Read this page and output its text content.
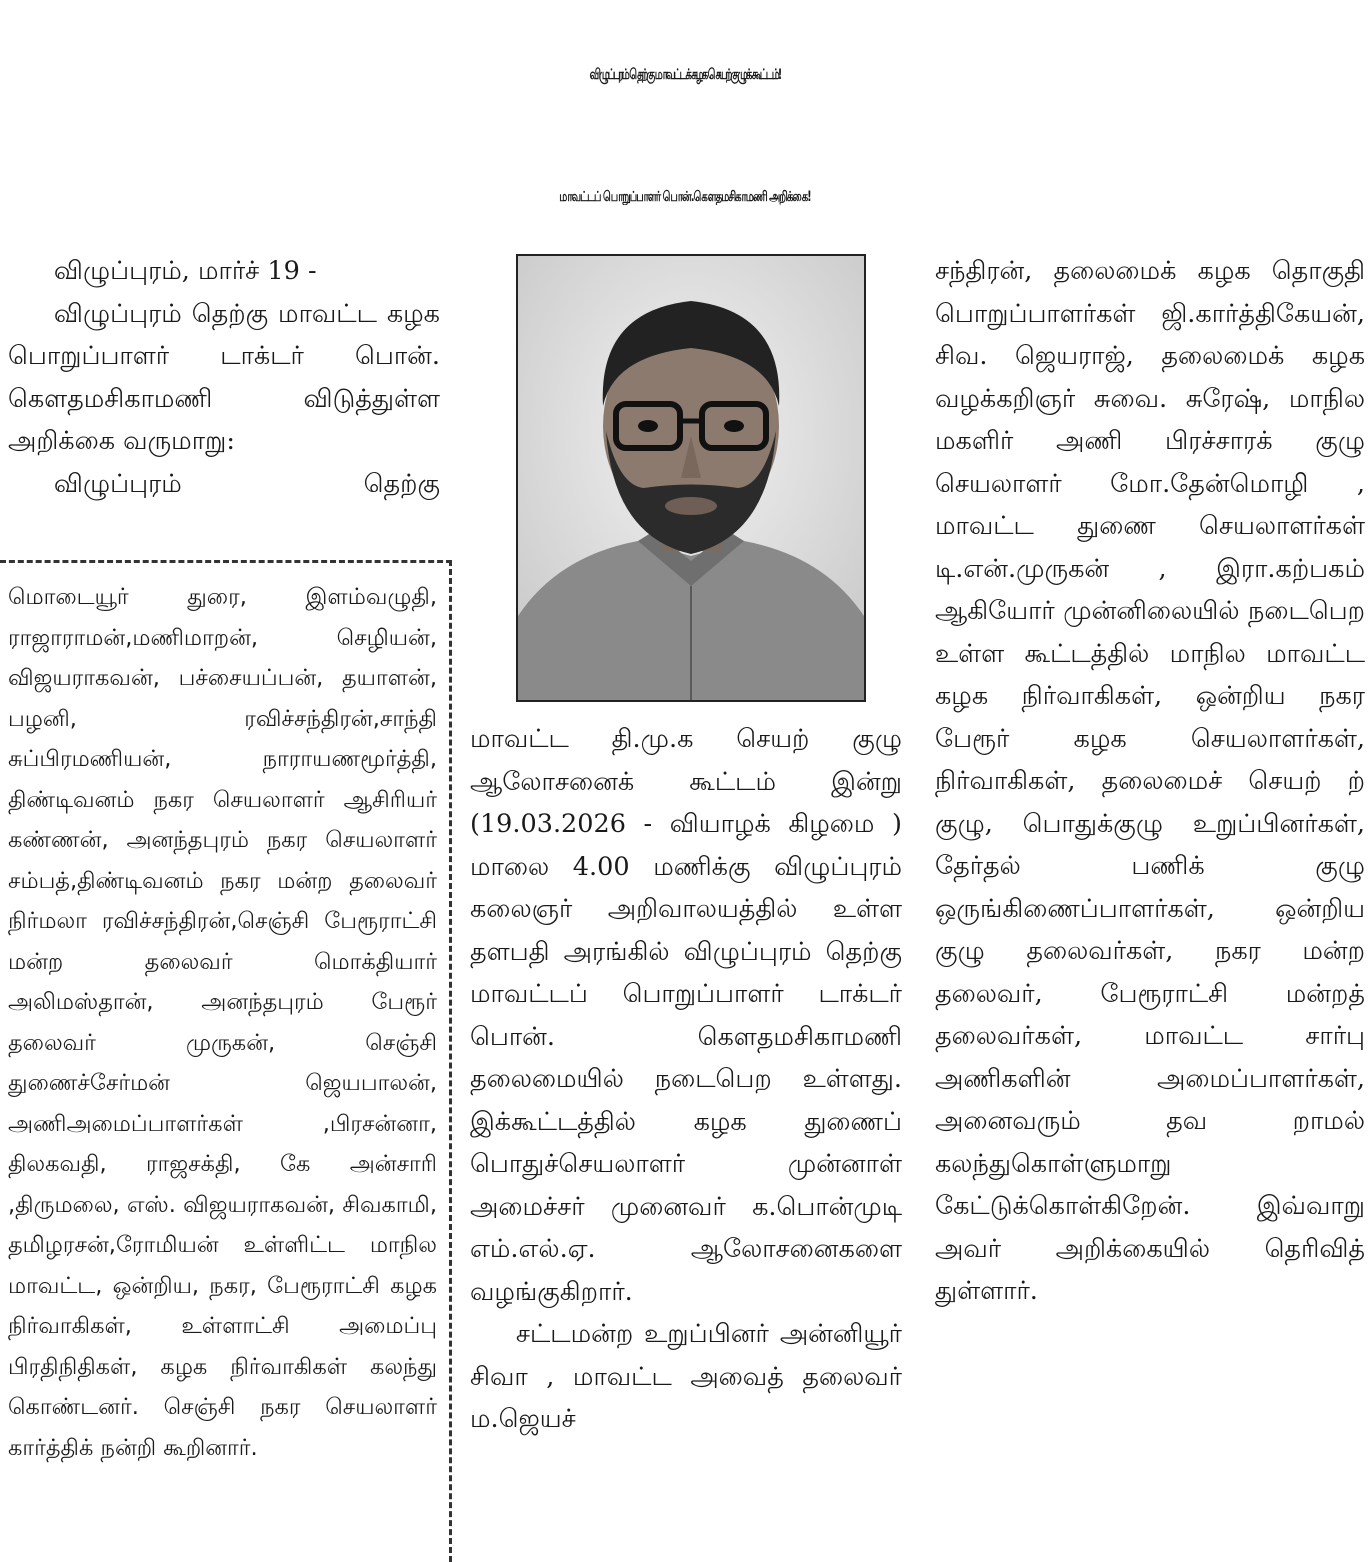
விழுப்புரம் தெற்கு மாவட்டக் கழக செயற்குழுக் கூட்டம்!
மாவட்டப் பொறுப்பாளர் பொன்.கௌதமசிகாமணி அறிக்கை!

விழுப்புரம், மார்ச் 19 -

விழுப்புரம் தெற்கு மாவட்ட கழக பொறுப்பாளர் டாக்டர் பொன். கௌதமசிகாமணி விடுத்துள்ள அறிக்கை வருமாறு:

விழுப்புரம் தெற்கு

மொடையூர் துரை, இளம்வழுதி, ராஜாராமன்,மணிமாறன், செழியன், விஜயராகவன், பச்சையப்பன், தயாளன், பழனி, ரவிச்சந்திரன்,சாந்தி சுப்பிரமணியன், நாராயணமூர்த்தி, திண்டிவனம் நகர செயலாளர் ஆசிரியர் கண்ணன், அனந்தபுரம் நகர செயலாளர் சம்பத்,திண்டிவனம் நகர மன்ற தலைவர் நிர்மலா ரவிச்சந்திரன்,செஞ்சி பேரூராட்சி மன்ற தலைவர் மொக்தியார் அலிமஸ்தான், அனந்தபுரம் பேரூர் தலைவர் முருகன், செஞ்சி துணைச்சேர்மன் ஜெயபாலன், அணிஅமைப்பாளர்கள் ,பிரசன்னா, திலகவதி, ராஜசக்தி, கே அன்சாரி ,திருமலை, எஸ். விஜயராகவன், சிவகாமி, தமிழரசன்,ரோமியன் உள்ளிட்ட மாநில மாவட்ட, ஒன்றிய, நகர, பேரூராட்சி கழக நிர்வாகிகள், உள்ளாட்சி அமைப்பு பிரதிநிதிகள், கழக நிர்வாகிகள் கலந்து கொண்டனர். செஞ்சி நகர செயலாளர் கார்த்திக் நன்றி கூறினார்.

மாவட்ட தி.மு.க செயற் குழு ஆலோசனைக் கூட்டம் இன்று (19.03.2026 - வியாழக் கிழமை ) மாலை 4.00 மணிக்கு விழுப்புரம் கலைஞர் அறிவாலயத்தில் உள்ள தளபதி அரங்கில் விழுப்புரம் தெற்கு மாவட்டப் பொறுப்பாளர் டாக்டர் பொன். கௌதமசிகாமணி தலைமையில் நடைபெற உள்ளது. இக்கூட்டத்தில் கழக துணைப் பொதுச்செயலாளர் முன்னாள் அமைச்சர் முனைவர் க.பொன்முடி எம்.எல்.ஏ. ஆலோசனைகளை வழங்குகிறார்.

சட்டமன்ற உறுப்பினர் அன்னியூர் சிவா , மாவட்ட அவைத் தலைவர் ம.ஜெயச்

சந்திரன், தலைமைக் கழக தொகுதி பொறுப்பாளர்கள் ஜி.கார்த்திகேயன், சிவ. ஜெயராஜ், தலைமைக் கழக வழக்கறிஞர் சுவை. சுரேஷ், மாநில மகளிர் அணி பிரச்சாரக் குழு செயலாளர் மோ.தேன்மொழி , மாவட்ட துணை செயலாளர்கள் டி.என்.முருகன் , இரா.கற்பகம் ஆகியோர் முன்னிலையில் நடைபெற உள்ள கூட்டத்தில் மாநில மாவட்ட கழக நிர்வாகிகள், ஒன்றிய நகர பேரூர் கழக செயலாளர்கள், நிர்வாகிகள், தலைமைச் செயற் ற் குழு, பொதுக்குழு உறுப்பினர்கள், தேர்தல் பணிக் குழு ஒருங்கிணைப்பாளர்கள், ஒன்றிய குழு தலைவர்கள், நகர மன்ற தலைவர், பேரூராட்சி மன்றத் தலைவர்கள், மாவட்ட சார்பு அணிகளின் அமைப்பாளர்கள், அனைவரும் தவ றாமல் கலந்துகொள்ளுமாறு கேட்டுக்கொள்கிறேன். இவ்வாறு அவர் அறிக்கையில் தெரிவித் துள்ளார்.
